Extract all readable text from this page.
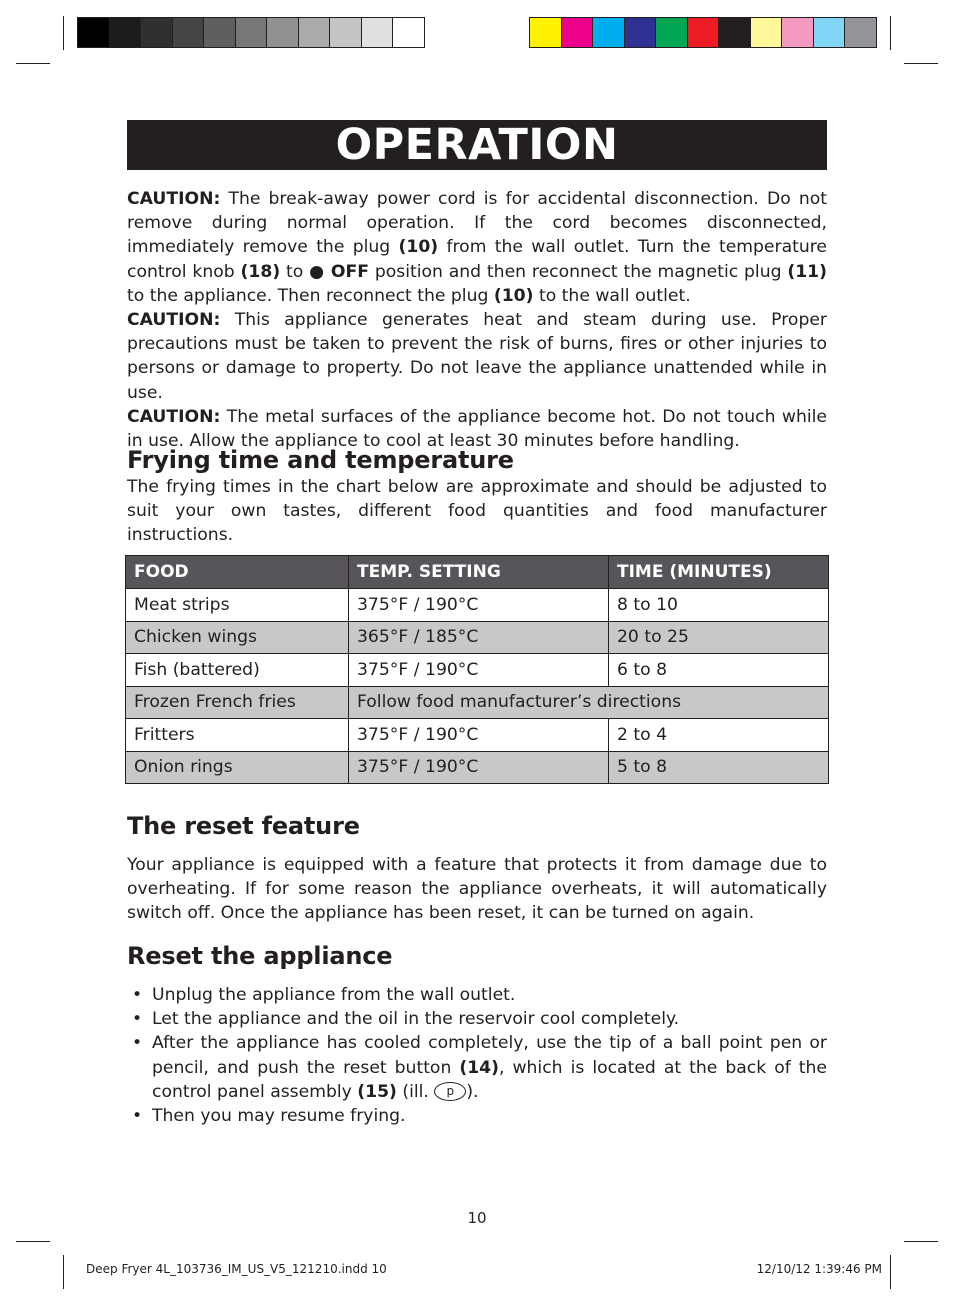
OPERATION
CAUTION: The break-away power cord is for accidental disconnection. Do not remove during normal operation. If the cord becomes disconnected, immediately remove the plug (10) from the wall outlet. Turn the temperature control knob (18) to ● OFF position and then reconnect the magnetic plug (11) to the appliance. Then reconnect the plug (10) to the wall outlet.
CAUTION: This appliance generates heat and steam during use. Proper precautions must be taken to prevent the risk of burns, fires or other injuries to persons or damage to property. Do not leave the appliance unattended while in use.
CAUTION: The metal surfaces of the appliance become hot. Do not touch while in use. Allow the appliance to cool at least 30 minutes before handling.
Frying time and temperature
The frying times in the chart below are approximate and should be adjusted to suit your own tastes, different food quantities and food manufacturer instructions.
FOOD	TEMP. SETTING	TIME (MINUTES)
Meat strips	375°F / 190°C	8 to 10
Chicken wings	365°F / 185°C	20 to 25
Fish (battered)	375°F / 190°C	6 to 8
Frozen French fries	Follow food manufacturer’s directions	
Fritters	375°F / 190°C	2 to 4
Onion rings	375°F / 190°C	5 to 8
The reset feature
Your appliance is equipped with a feature that protects it from damage due to overheating. If for some reason the appliance overheats, it will automatically switch off. Once the appliance has been reset, it can be turned on again.
Reset the appliance
• Unplug the appliance from the wall outlet.
• Let the appliance and the oil in the reservoir cool completely.
• After the appliance has cooled completely, use the tip of a ball point pen or pencil, and push the reset button (14), which is located at the back of the control panel assembly (15) (ill. p ).
• Then you may resume frying.
10
Deep Fryer 4L_103736_IM_US_V5_121210.indd 10	12/10/12 1:39:46 PM
